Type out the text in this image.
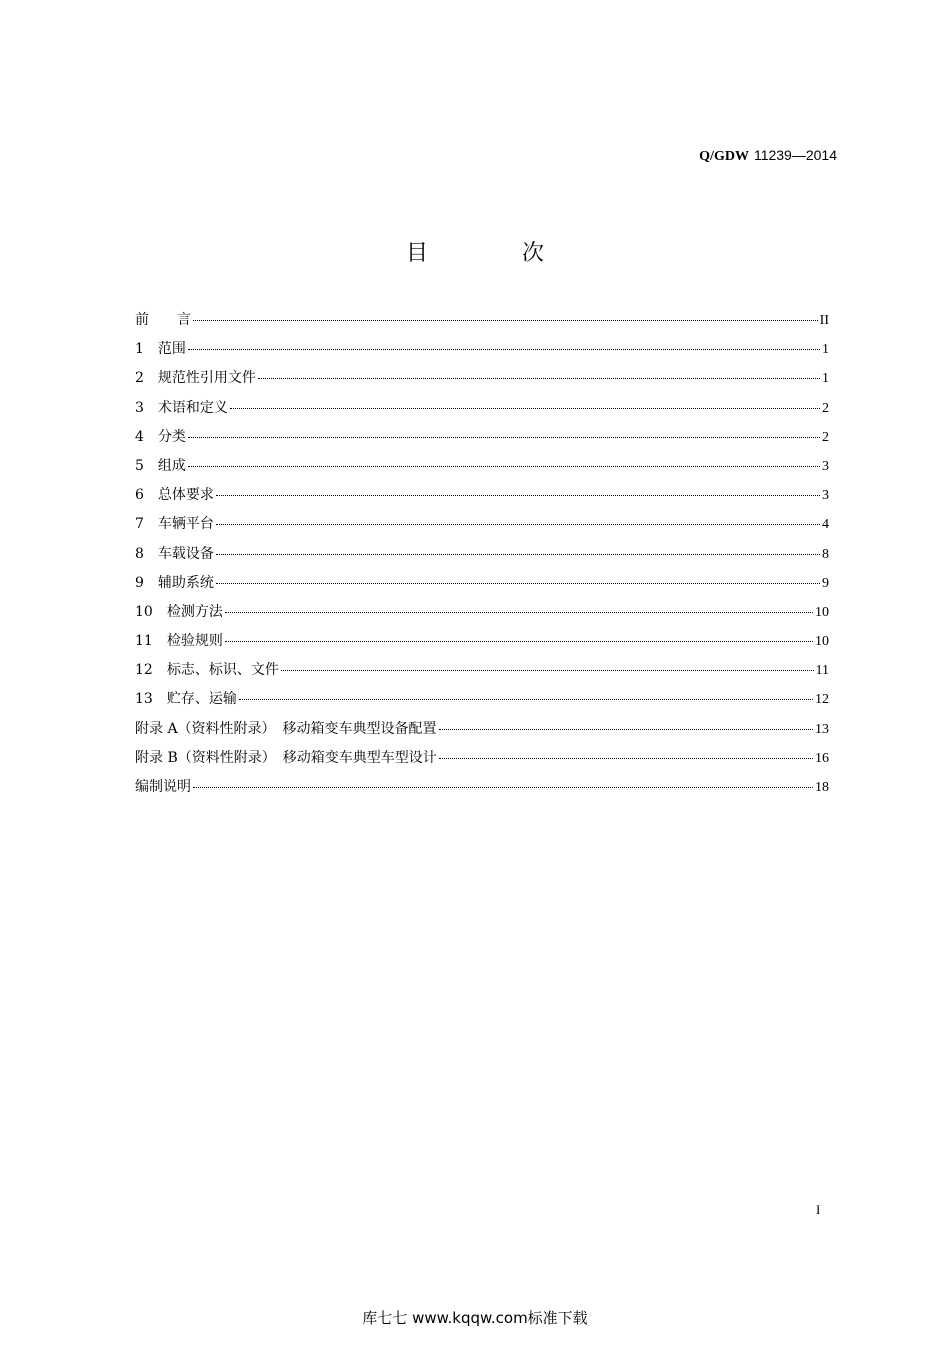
Q/GDW 11239—2014
目	次
前　　言	II
1　范围	1
2　规范性引用文件	1
3　术语和定义	2
4　分类	2
5　组成	3
6　总体要求	3
7　车辆平台	4
8　车载设备	8
9　辅助系统	9
10　检测方法	10
11　检验规则	10
12　标志、标识、文件	11
13　贮存、运输	12
附录 A（资料性附录）　移动箱变车典型设备配置	13
附录 B（资料性附录）　移动箱变车典型车型设计	16
编制说明	18
I
库七七 www.kqqw.com标准下载
